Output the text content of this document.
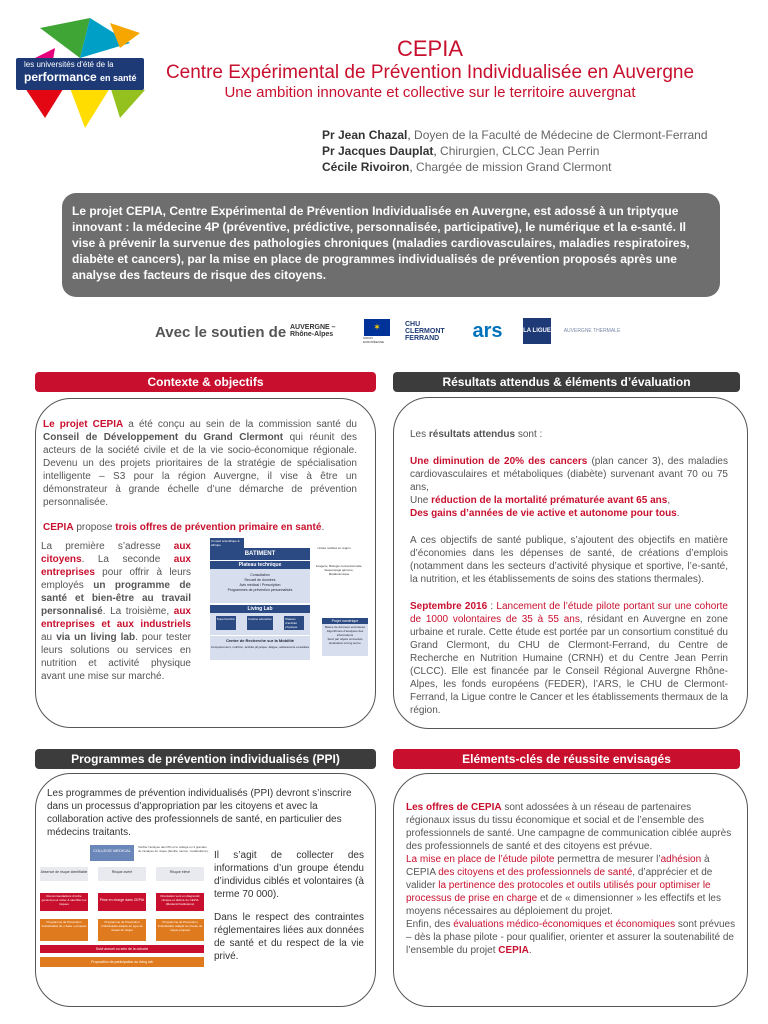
les universités d'été de la
performance en santé
CEPIA
Centre Expérimental de Prévention Individualisée en Auvergne
Une ambition innovante et collective sur le territoire auvergnat
Pr Jean Chazal, Doyen de la Faculté de Médecine de Clermont-Ferrand
Pr Jacques Dauplat, Chirurgien, CLCC Jean Perrin
Cécile Rivoiron, Chargée de mission Grand Clermont
Le projet CEPIA, Centre Expérimental de Prévention Individualisée en Auvergne, est adossé à un triptyque innovant : la médecine 4P (préventive, prédictive, personnalisée, participative), le numérique et la e-santé. Il vise à prévenir la survenue des pathologies chroniques (maladies cardiovasculaires, maladies respiratoires, diabète et cancers), par la mise en place de programmes individualisés de prévention proposés après une analyse des facteurs de risque des citoyens.
Avec le soutien de AUVERGNE – Rhône-Alpes
✶
UNION EUROPÉENNE
CHU CLERMONT FERRAND	ars	LA LIGUE	AUVERGNE THERMALE
Contexte & objectifs	Résultats attendus & éléments d’évaluation
Programmes de prévention individualisés (PPI)	Eléments-clés de réussite envisagés

Le projet CEPIA a été conçu au sein de la commission santé du Conseil de Développement du Grand Clermont qui réunit des acteurs de la société civile et de la vie socio-économique régionale. Devenu un des projets prioritaires de la stratégie de spécialisation intelligente – S3 pour la région Auvergne, il vise à être un démonstrateur à grande échelle d’une démarche de prévention personnalisée.

CEPIA propose trois offres de prévention primaire en santé.

La première s’adresse aux citoyens. La seconde aux entreprises pour offrir à leurs employés un programme de santé et bien-être au travail personnalisé. La troisième, aux entreprises et aux industriels au via un living lab. pour tester leurs solutions ou services en nutrition et activité physique avant une mise sur marché.
Conseil scientifique & éthique
BATIMENT
Plateau technique
Consultation
Recueil de données
Avis médical / Prescription
Programmes de prévention personnalisés
Unités mobiles en région
Imagerie, Biologie conventionnelle, Séquençage génome, Métabolomique
Living Lab
Supermarché	Cuisine éducative	Plateau d’activité physique
Centre de Recherche sur la Mobilité
Comportement, nutrition, activité physique, fatigue, adolescents et adultes
Projet numérique
Bases de données sécurisées
Algorithmes d’analyses des informations
Suivi par objets connectés
Evaluation à long terme

Les résultats attendus sont :

Une diminution de 20% des cancers (plan cancer 3), des maladies cardiovasculaires et métaboliques (diabète) survenant avant 70 ou 75 ans,
Une réduction de la mortalité prématurée avant 65 ans,
Des gains d’années de vie active et autonome pour tous.

A ces objectifs de santé publique, s’ajoutent des objectifs en matière d’économies dans les dépenses de santé, de créations d’emplois (notamment dans les secteurs d’activité physique et sportive, l’e-santé, la nutrition, et les établissements de soins des stations thermales).

Septembre 2016 : Lancement de l’étude pilote portant sur une cohorte de 1000 volontaires de 35 à 55 ans, résidant en Auvergne en zone urbaine et rurale. Cette étude est portée par un consortium constitué du Grand Clermont, du CHU de Clermont-Ferrand, du Centre de Recherche en Nutrition Humaine (CRNH) et du Centre Jean Perrin (CLCC). Elle est financée par le Conseil Régional Auvergne Rhône-Alpes, les fonds européens (FEDER), l’ARS, le CHU de Clermont-Ferrand, la Ligue contre le Cancer et les établissements thermaux de la région.

Les programmes de prévention individualisés (PPI) devront s’inscrire dans un processus d’appropriation par les citoyens et avec la collaboration active des professionnels de santé, en particulier des médecins traitants.

Il s’agit de collecter des informations d’un groupe étendu d’individus ciblés et volontaires (à terme 70 000).

Dans le respect des contraintes réglementaires liées aux données de santé et du respect de la vie privé.

COLLEGE MEDICAL
Vérifier l’analyse des PID et le collège en 3 grandes de l’analyse du risque (famille, cancer, métabolisme)
Absence de risque identifiable	Risque avéré	Risque élevé
Recommandations d’ordre général pour éviter & identifier les risques
Prise en charge dans CEPIA
Orientation vers un diagnostic clinique et délivré du CEPIA (Médecin/Institutions)
Programme de Prévention Individualisé de « base » proposé
Programme de Prévention Individualisé adapté au type de niveau de risque
Programme de Prévention Individualisé adapté au niveau de risque proposé
Suivi annuel ou sein de la cohorte
Proposition de participation au living lab
Les offres de CEPIA sont adossées à un réseau de partenaires régionaux issus du tissu économique et social et de l’ensemble des professionnels de santé. Une campagne de communication ciblée auprès des professionnels de santé et des citoyens est prévue.
La mise en place de l’étude pilote permettra de mesurer l’adhésion à CEPIA des citoyens et des professionnels de santé, d’apprécier et de valider la pertinence des protocoles et outils utilisés pour optimiser le processus de prise en charge et de « dimensionner » les effectifs et les moyens nécessaires au déploiement du projet.
Enfin, des évaluations médico-économiques et économiques sont prévues – dès la phase pilote - pour qualifier, orienter et assurer la soutenabilité de l’ensemble du projet CEPIA.
